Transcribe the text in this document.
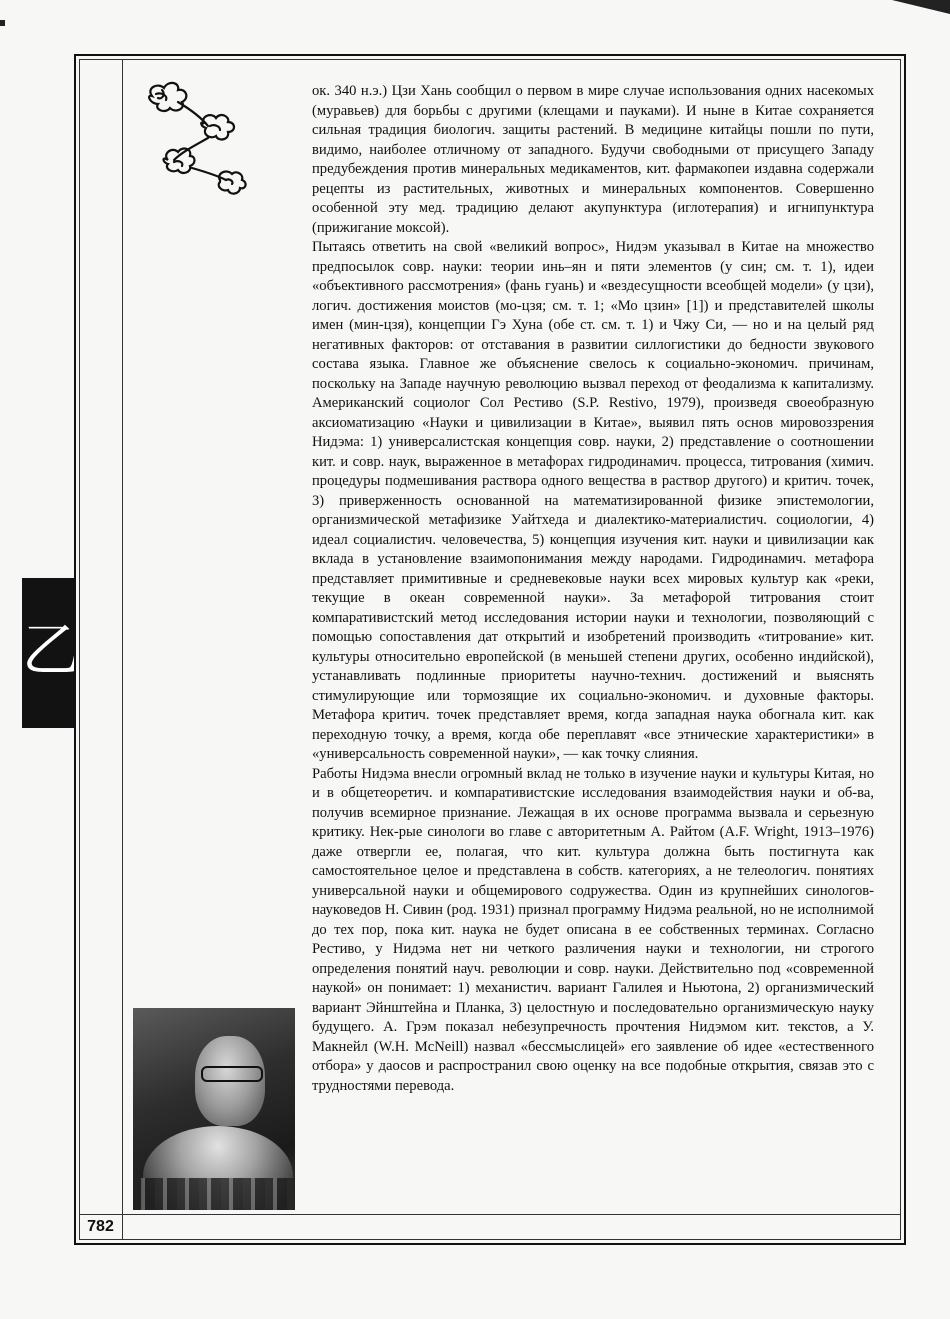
乙
782

ок. 340 н.э.) Цзи Хань сообщил о первом в мире случае использования одних насекомых (муравьев) для борьбы с другими (клещами и пауками). И ныне в Китае сохраняется сильная традиция биологич. защиты растений. В медицине китайцы пошли по пути, видимо, наиболее отличному от западного. Будучи свободными от присущего Западу предубеждения против минеральных медикаментов, кит. фармакопеи издавна содержали рецепты из растительных, животных и минеральных компонентов. Совершенно особенной эту мед. традицию делают акупунктура (иглотерапия) и игнипунктура (прижигание моксой).

Пытаясь ответить на свой «великий вопрос», Нидэм указывал в Китае на множество предпосылок совр. науки: теории инь–ян и пяти элементов (у син; см. т. 1), идеи «объективного рассмотрения» (фань гуань) и «вездесущности всеобщей модели» (у цзи), логич. достижения моистов (мо-цзя; см. т. 1; «Мо цзин» [1]) и представителей школы имен (мин-цзя), концепции Гэ Хуна (обе ст. см. т. 1) и Чжу Си, — но и на целый ряд негативных факторов: от отставания в развитии силлогистики до бедности звукового состава языка. Главное же объяснение свелось к социально-экономич. причинам, поскольку на Западе научную революцию вызвал переход от феодализма к капитализму. Американский социолог Сол Рестиво (S.P. Restivo, 1979), произведя своеобразную аксиоматизацию «Науки и цивилизации в Китае», выявил пять основ мировоззрения Нидэма: 1) универсалистская концепция совр. науки, 2) представление о соотношении кит. и совр. наук, выраженное в метафорах гидродинамич. процесса, титрования (химич. процедуры подмешивания раствора одного вещества в раствор другого) и критич. точек, 3) приверженность основанной на математизированной физике эпистемологии, организмической метафизике Уайтхеда и диалектико-материалистич. социологии, 4) идеал социалистич. человечества, 5) концепция изучения кит. науки и цивилизации как вклада в установление взаимопонимания между народами. Гидродинамич. метафора представляет примитивные и средневековые науки всех мировых культур как «реки, текущие в океан современной науки». За метафорой титрования стоит компаративистский метод исследования истории науки и технологии, позволяющий с помощью сопоставления дат открытий и изобретений производить «титрование» кит. культуры относительно европейской (в меньшей степени других, особенно индийской), устанавливать подлинные приоритеты научно-технич. достижений и выяснять стимулирующие или тормозящие их социально-экономич. и духовные факторы. Метафора критич. точек представляет время, когда западная наука обогнала кит. как переходную точку, а время, когда обе переплавят «все этнические характеристики» в «универсальность современной науки», — как точку слияния.

Работы Нидэма внесли огромный вклад не только в изучение науки и культуры Китая, но и в общетеоретич. и компаративистские исследования взаимодействия науки и об-ва, получив всемирное признание. Лежащая в их основе программа вызвала и серьезную критику. Нек-рые синологи во главе с авторитетным А. Райтом (A.F. Wright, 1913–1976) даже отвергли ее, полагая, что кит. культура должна быть постигнута как самостоятельное целое и представлена в собств. категориях, а не телеологич. понятиях универсальной науки и общемирового содружества. Один из крупнейших синологов-науковедов Н. Сивин (род. 1931) признал программу Нидэма реальной, но не исполнимой до тех пор, пока кит. наука не будет описана в ее собственных терминах. Согласно Рестиво, у Нидэма нет ни четкого различения науки и технологии, ни строгого определения понятий науч. революции и совр. науки. Действительно под «современной наукой» он понимает: 1) механистич. вариант Галилея и Ньютона, 2) организмический вариант Эйнштейна и Планка, 3) целостную и последовательно организмическую науку будущего. А. Грэм показал небезупречность прочтения Нидэмом кит. текстов, а У. Макнейл (W.H. McNeill) назвал «бессмыслицей» его заявление об идее «естественного отбора» у даосов и распространил свою оценку на все подобные открытия, связав это с трудностями перевода.
